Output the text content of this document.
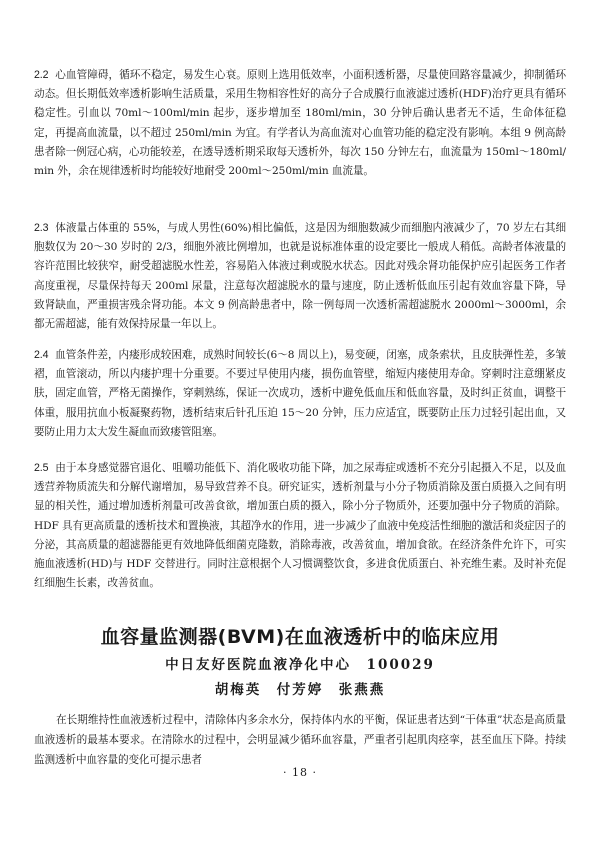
2.2 心血管障碍，循环不稳定，易发生心衰。原则上选用低效率，小面积透析器，尽量使回路容量减少，抑制循环动态。但长期低效率透析影响生活质量，采用生物相容性好的高分子合成膜行血液滤过透析(HDF)治疗更具有循环稳定性。引血以 70ml～100ml/min 起步，逐步增加至 180ml/min，30 分钟后确认患者无不适，生命体征稳定，再提高血流量，以不超过 250ml/min 为宜。有学者认为高血流对心血管功能的稳定没有影响。本组 9 例高龄患者除一例冠心病，心功能较差，在透导透析期采取每天透析外，每次 150 分钟左右，血流量为 150ml～180ml/min 外，余在规律透析时均能较好地耐受 200ml～250ml/min 血流量。

2.3 体液量占体重的 55%，与成人男性(60%)相比偏低，这是因为细胞数减少而细胞内液减少了，70 岁左右其细胞数仅为 20～30 岁时的 2/3，细胞外液比例增加，也就是说标准体重的设定要比一般成人稍低。高龄者体液量的容许范围比较狭窄，耐受超滤脱水性差，容易陷入体液过剩或脱水状态。因此对残余肾功能保护应引起医务工作者高度重视，尽量保持每天 200ml 尿量，注意每次超滤脱水的量与速度，防止透析低血压引起有效血容量下降，导致肾缺血，严重损害残余肾功能。本文 9 例高龄患者中，除一例每周一次透析需超滤脱水 2000ml～3000ml，余都无需超滤，能有效保持尿量一年以上。

2.4 血管条件差，内瘘形成较困难，成熟时间较长(6～8 周以上)，易变硬，闭塞，成条索状，且皮肤弹性差，多皱褶，血管滚动，所以内瘘护理十分重要。不要过早使用内瘘，损伤血管壁，缩短内瘘使用寿命。穿刺时注意绷紧皮肤，固定血管，严格无菌操作，穿刺熟练，保证一次成功，透析中避免低血压和低血容量，及时纠正贫血，调整干体重，服用抗血小板凝聚药物，透析结束后针孔压迫 15～20 分钟，压力应适宜，既要防止压力过轻引起出血，又要防止用力太大发生凝血而致瘘管阻塞。

2.5 由于本身感觉器官退化、咀嚼功能低下、消化吸收功能下降，加之尿毒症或透析不充分引起摄入不足，以及血透营养物质流失和分解代谢增加，易导致营养不良。研究证实，透析剂量与小分子物质消除及蛋白质摄入之间有明显的相关性，通过增加透析剂量可改善食欲，增加蛋白质的摄入，除小分子物质外，还要加强中分子物质的消除。HDF 具有更高质量的透析技术和置换液，其超净水的作用，进一步减少了血液中免疫活性细胞的激活和炎症因子的分泌，其高质量的超滤器能更有效地降低细菌克隆数，消除毒液，改善贫血，增加食欲。在经济条件允许下，可实施血液透析(HD)与 HDF 交替进行。同时注意根据个人习惯调整饮食，多进食优质蛋白、补充维生素。及时补充促红细胞生长素，改善贫血。

血容量监测器(BVM)在血液透析中的临床应用
中日友好医院血液净化中心　100029
胡梅英　付芳婷　张燕燕

在长期维持性血液透析过程中，清除体内多余水分，保持体内水的平衡，保证患者达到“干体重”状态是高质量血液透析的最基本要求。在清除水的过程中，会明显减少循环血容量，严重者引起肌肉痉挛，甚至血压下降。持续监测透析中血容量的变化可提示患者

· 18 ·
